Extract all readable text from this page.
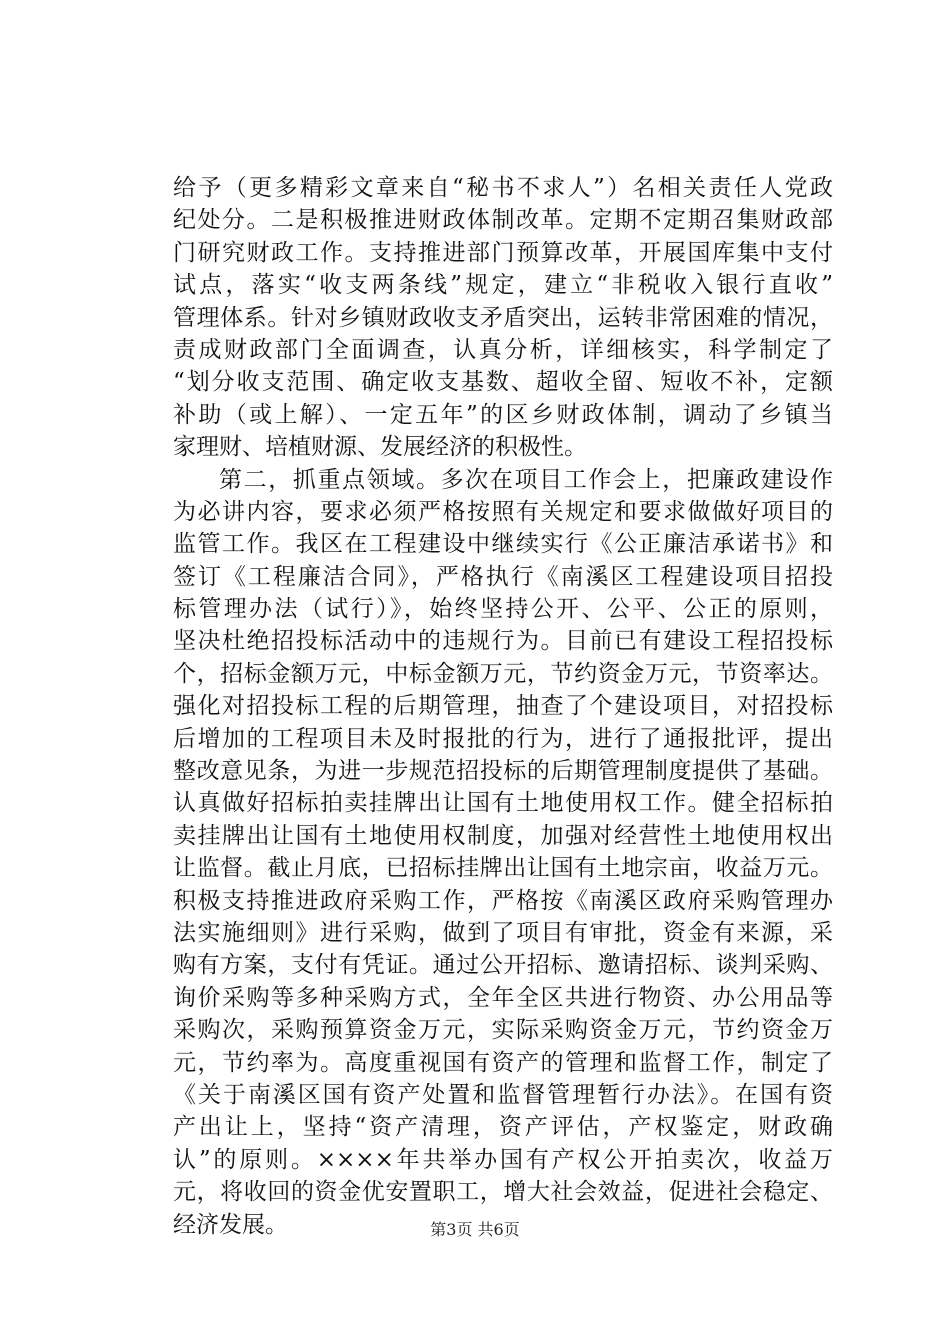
给予（更多精彩文章来自“秘书不求人”）名相关责任人党政
纪处分。二是积极推进财政体制改革。定期不定期召集财政部
门研究财政工作。支持推进部门预算改革，开展国库集中支付
试点，落实“收支两条线”规定，建立“非税收入银行直收”
管理体系。针对乡镇财政收支矛盾突出，运转非常困难的情况，
责成财政部门全面调查，认真分析，详细核实，科学制定了
“划分收支范围、确定收支基数、超收全留、短收不补，定额
补助（或上解）、一定五年”的区乡财政体制，调动了乡镇当
家理财、培植财源、发展经济的积极性。
第二，抓重点领域。多次在项目工作会上，把廉政建设作
为必讲内容，要求必须严格按照有关规定和要求做做好项目的
监管工作。我区在工程建设中继续实行《公正廉洁承诺书》和
签订《工程廉洁合同》，严格执行《南溪区工程建设项目招投
标管理办法（试行）》，始终坚持公开、公平、公正的原则，
坚决杜绝招投标活动中的违规行为。目前已有建设工程招投标
个，招标金额万元，中标金额万元，节约资金万元，节资率达。
强化对招投标工程的后期管理，抽查了个建设项目，对招投标
后增加的工程项目未及时报批的行为，进行了通报批评，提出
整改意见条，为进一步规范招投标的后期管理制度提供了基础。
认真做好招标拍卖挂牌出让国有土地使用权工作。健全招标拍
卖挂牌出让国有土地使用权制度，加强对经营性土地使用权出
让监督。截止月底，已招标挂牌出让国有土地宗亩，收益万元。
积极支持推进政府采购工作，严格按《南溪区政府采购管理办
法实施细则》进行采购，做到了项目有审批，资金有来源，采
购有方案，支付有凭证。通过公开招标、邀请招标、谈判采购、
询价采购等多种采购方式，全年全区共进行物资、办公用品等
采购次，采购预算资金万元，实际采购资金万元，节约资金万
元，节约率为。高度重视国有资产的管理和监督工作，制定了
《关于南溪区国有资产处置和监督管理暂行办法》。在国有资
产出让上，坚持“资产清理，资产评估，产权鉴定，财政确
认”的原则。××××年共举办国有产权公开拍卖次，收益万
元，将收回的资金优安置职工，增大社会效益，促进社会稳定、
经济发展。	第3页 共6页
